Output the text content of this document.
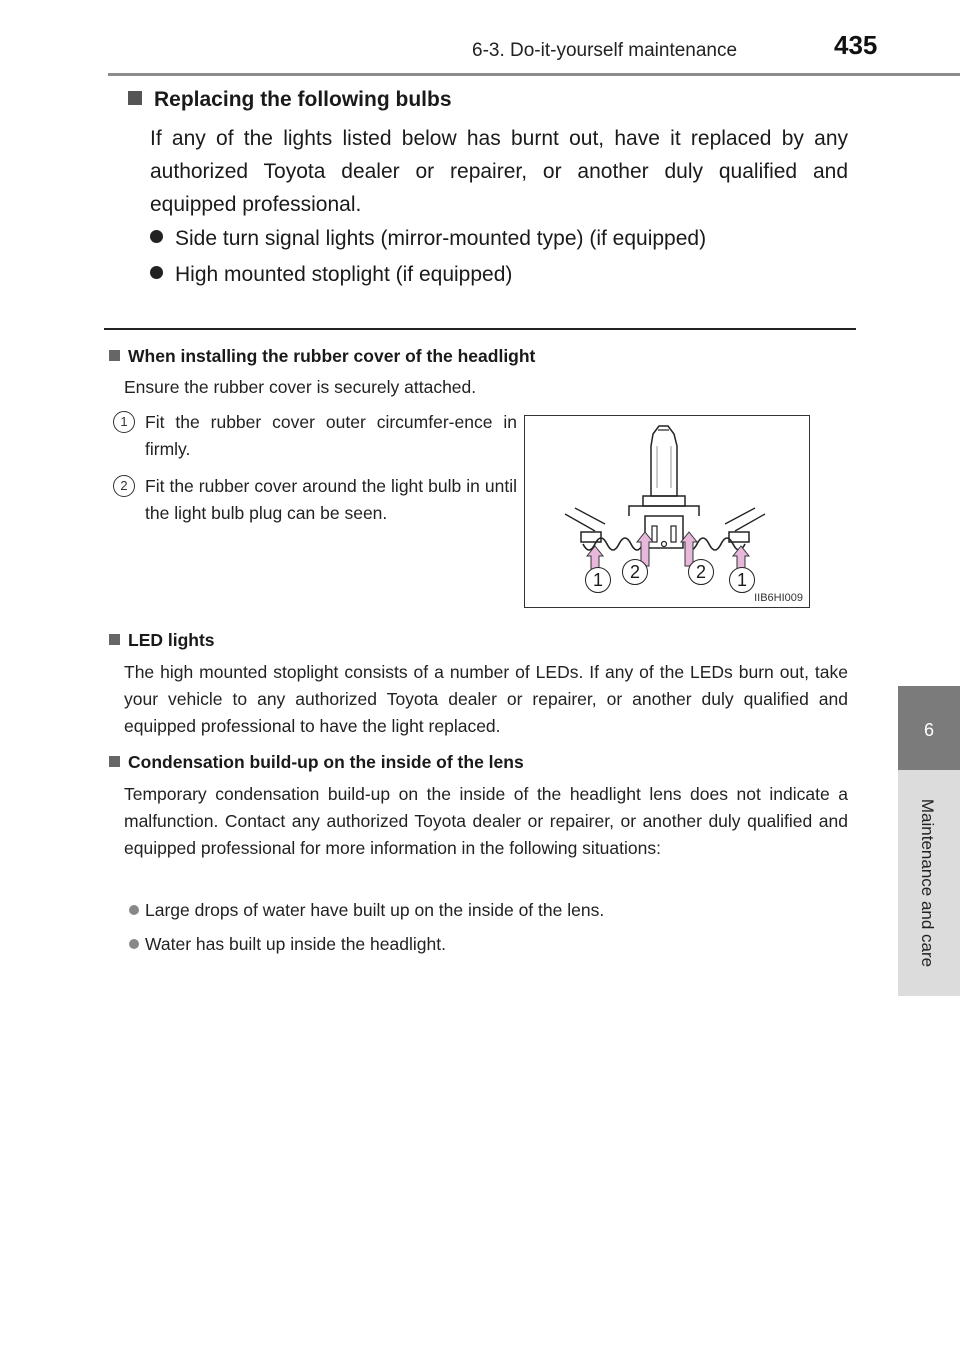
6-3. Do-it-yourself maintenance	435
6
Maintenance and care
Replacing the following bulbs
If any of the lights listed below has burnt out, have it replaced by any authorized Toyota dealer or repairer, or another duly qualified and equipped professional.
Side turn signal lights (mirror-mounted type) (if equipped)
High mounted stoplight (if equipped)
When installing the rubber cover of the headlight
Ensure the rubber cover is securely attached.
1 Fit the rubber cover outer circumfer-ence in firmly.
2 Fit the rubber cover around the light bulb in until the light bulb plug can be seen.
1	2	2	1
IIB6HI009
LED lights
The high mounted stoplight consists of a number of LEDs. If any of the LEDs burn out, take your vehicle to any authorized Toyota dealer or repairer, or another duly qualified and equipped professional to have the light replaced.
Condensation build-up on the inside of the lens
Temporary condensation build-up on the inside of the headlight lens does not indicate a malfunction. Contact any authorized Toyota dealer or repairer, or another duly qualified and equipped professional for more information in the following situations:
Large drops of water have built up on the inside of the lens.
Water has built up inside the headlight.
